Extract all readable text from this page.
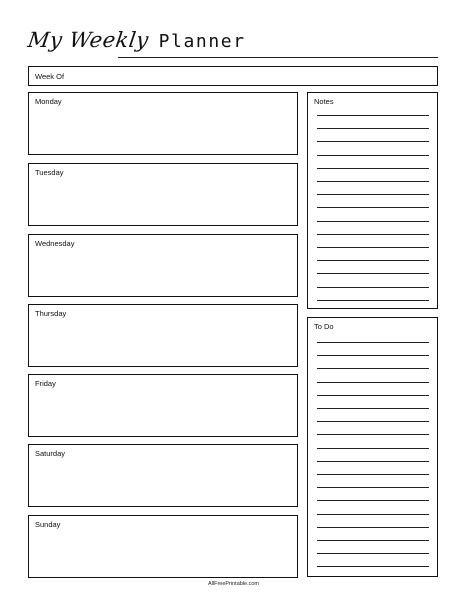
My Weekly Planner
Week Of
Monday
Tuesday
Wednesday
Thursday
Friday
Saturday
Sunday
Notes
To Do
AllFreePrintable.com
